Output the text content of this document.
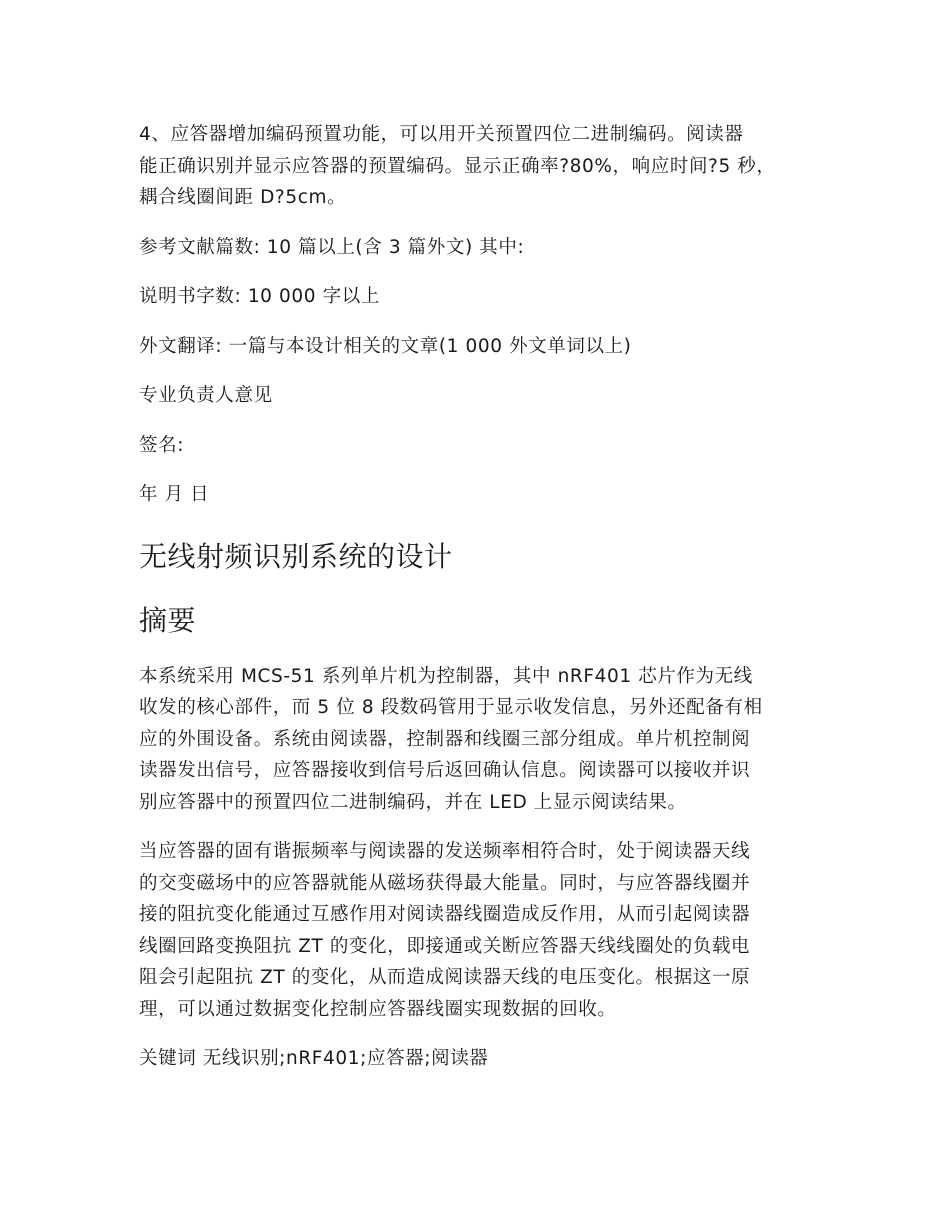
4、应答器增加编码预置功能，可以用开关预置四位二进制编码。阅读器
能正确识别并显示应答器的预置编码。显示正确率?80%，响应时间?5 秒，
耦合线圈间距 D?5cm。

参考文献篇数: 10 篇以上(含 3 篇外文) 其中:

说明书字数: 10 000 字以上

外文翻译: 一篇与本设计相关的文章(1 000 外文单词以上)

专业负责人意见

签名:

年 月 日

无线射频识别系统的设计
摘要

本系统采用 MCS-51 系列单片机为控制器，其中 nRF401 芯片作为无线
收发的核心部件，而 5 位 8 段数码管用于显示收发信息，另外还配备有相
应的外围设备。系统由阅读器，控制器和线圈三部分组成。单片机控制阅
读器发出信号，应答器接收到信号后返回确认信息。阅读器可以接收并识
别应答器中的预置四位二进制编码，并在 LED 上显示阅读结果。

当应答器的固有谐振频率与阅读器的发送频率相符合时，处于阅读器天线
的交变磁场中的应答器就能从磁场获得最大能量。同时，与应答器线圈并
接的阻抗变化能通过互感作用对阅读器线圈造成反作用，从而引起阅读器
线圈回路变换阻抗 ZT 的变化，即接通或关断应答器天线线圈处的负载电
阻会引起阻抗 ZT 的变化，从而造成阅读器天线的电压变化。根据这一原
理，可以通过数据变化控制应答器线圈实现数据的回收。

关键词 无线识别;nRF401;应答器;阅读器
